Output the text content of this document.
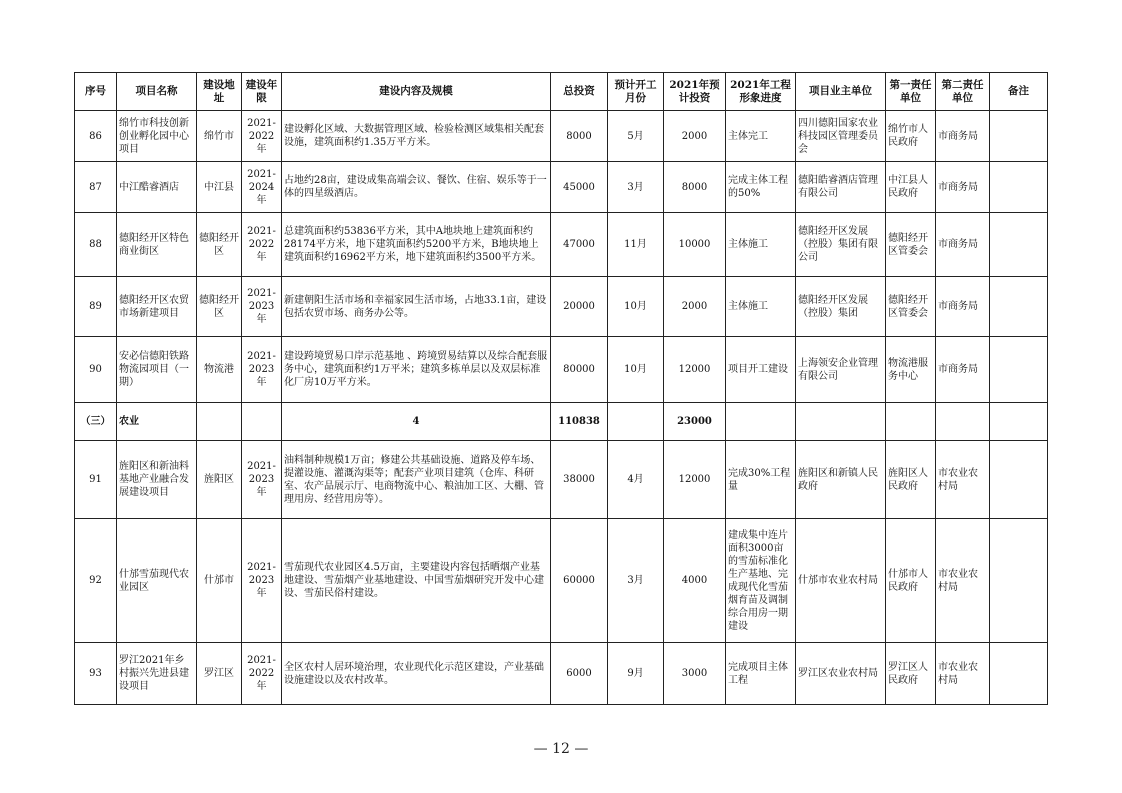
序号	项目名称	建设地址	建设年限	建设内容及规模	总投资	预计开工月份	2021年预计投资	2021年工程形象进度	项目业主单位	第一责任单位	第二责任单位	备注
86	绵竹市科技创新创业孵化园中心项目	绵竹市	2021-2022年	建设孵化区域、大数据管理区域、检验检测区域集相关配套设施，建筑面积约1.35万平方米。	8000	5月	2000	主体完工	四川德阳国家农业科技园区管理委员会	绵竹市人民政府	市商务局	
87	中江酷睿酒店	中江县	2021-2024年	占地约28亩，建设成集高端会议、餐饮、住宿、娱乐等于一体的四星级酒店。	45000	3月	8000	完成主体工程的50%	德阳皓睿酒店管理有限公司	中江县人民政府	市商务局	
88	德阳经开区特色商业街区	德阳经开区	2021-2022年	总建筑面积约53836平方米，其中A地块地上建筑面积约28174平方米，地下建筑面积约5200平方米，B地块地上建筑面积约16962平方米，地下建筑面积约3500平方米。	47000	11月	10000	主体施工	德阳经开区发展（控股）集团有限公司	德阳经开区管委会	市商务局	
89	德阳经开区农贸市场新建项目	德阳经开区	2021-2023年	新建朝阳生活市场和幸福家园生活市场，占地33.1亩，建设包括农贸市场、商务办公等。	20000	10月	2000	主体施工	德阳经开区发展（控股）集团	德阳经开区管委会	市商务局	
90	安必信德阳铁路物流园项目（一期）	物流港	2021-2023年	建设跨境贸易口岸示范基地 、跨境贸易结算以及综合配套服务中心，建筑面积约1万平米；建筑多栋单层以及双层标准化厂房10万平方米。	80000	10月	12000	项目开工建设	上海领安企业管理有限公司	物流港服务中心	市商务局	
（三）	农业			4	110838		23000					
91	旌阳区和新油料基地产业融合发展建设项目	旌阳区	2021-2023年	油料制种规模1万亩；修建公共基础设施、道路及停车场、提灌设施、灌溉沟渠等；配套产业项目建筑（仓库、科研室、农产品展示厅、电商物流中心、粮油加工区、大棚、管理用房、经营用房等）。	38000	4月	12000	完成30%工程量	旌阳区和新镇人民政府	旌阳区人民政府	市农业农村局	
92	什邡雪茄现代农业园区	什邡市	2021-2023年	雪茄现代农业园区4.5万亩，主要建设内容包括晒烟产业基地建设、雪茄烟产业基地建设、中国雪茄烟研究开发中心建设、雪茄民俗村建设。	60000	3月	4000	建成集中连片面积3000亩的雪茄标准化生产基地、完成现代化雪茄烟育苗及调制综合用房一期建设	什邡市农业农村局	什邡市人民政府	市农业农村局	
93	罗江2021年乡村振兴先进县建设项目	罗江区	2021-2022年	全区农村人居环境治理，农业现代化示范区建设，产业基础设施建设以及农村改革。	6000	9月	3000	完成项目主体工程	罗江区农业农村局	罗江区人民政府	市农业农村局	
— 12 —
